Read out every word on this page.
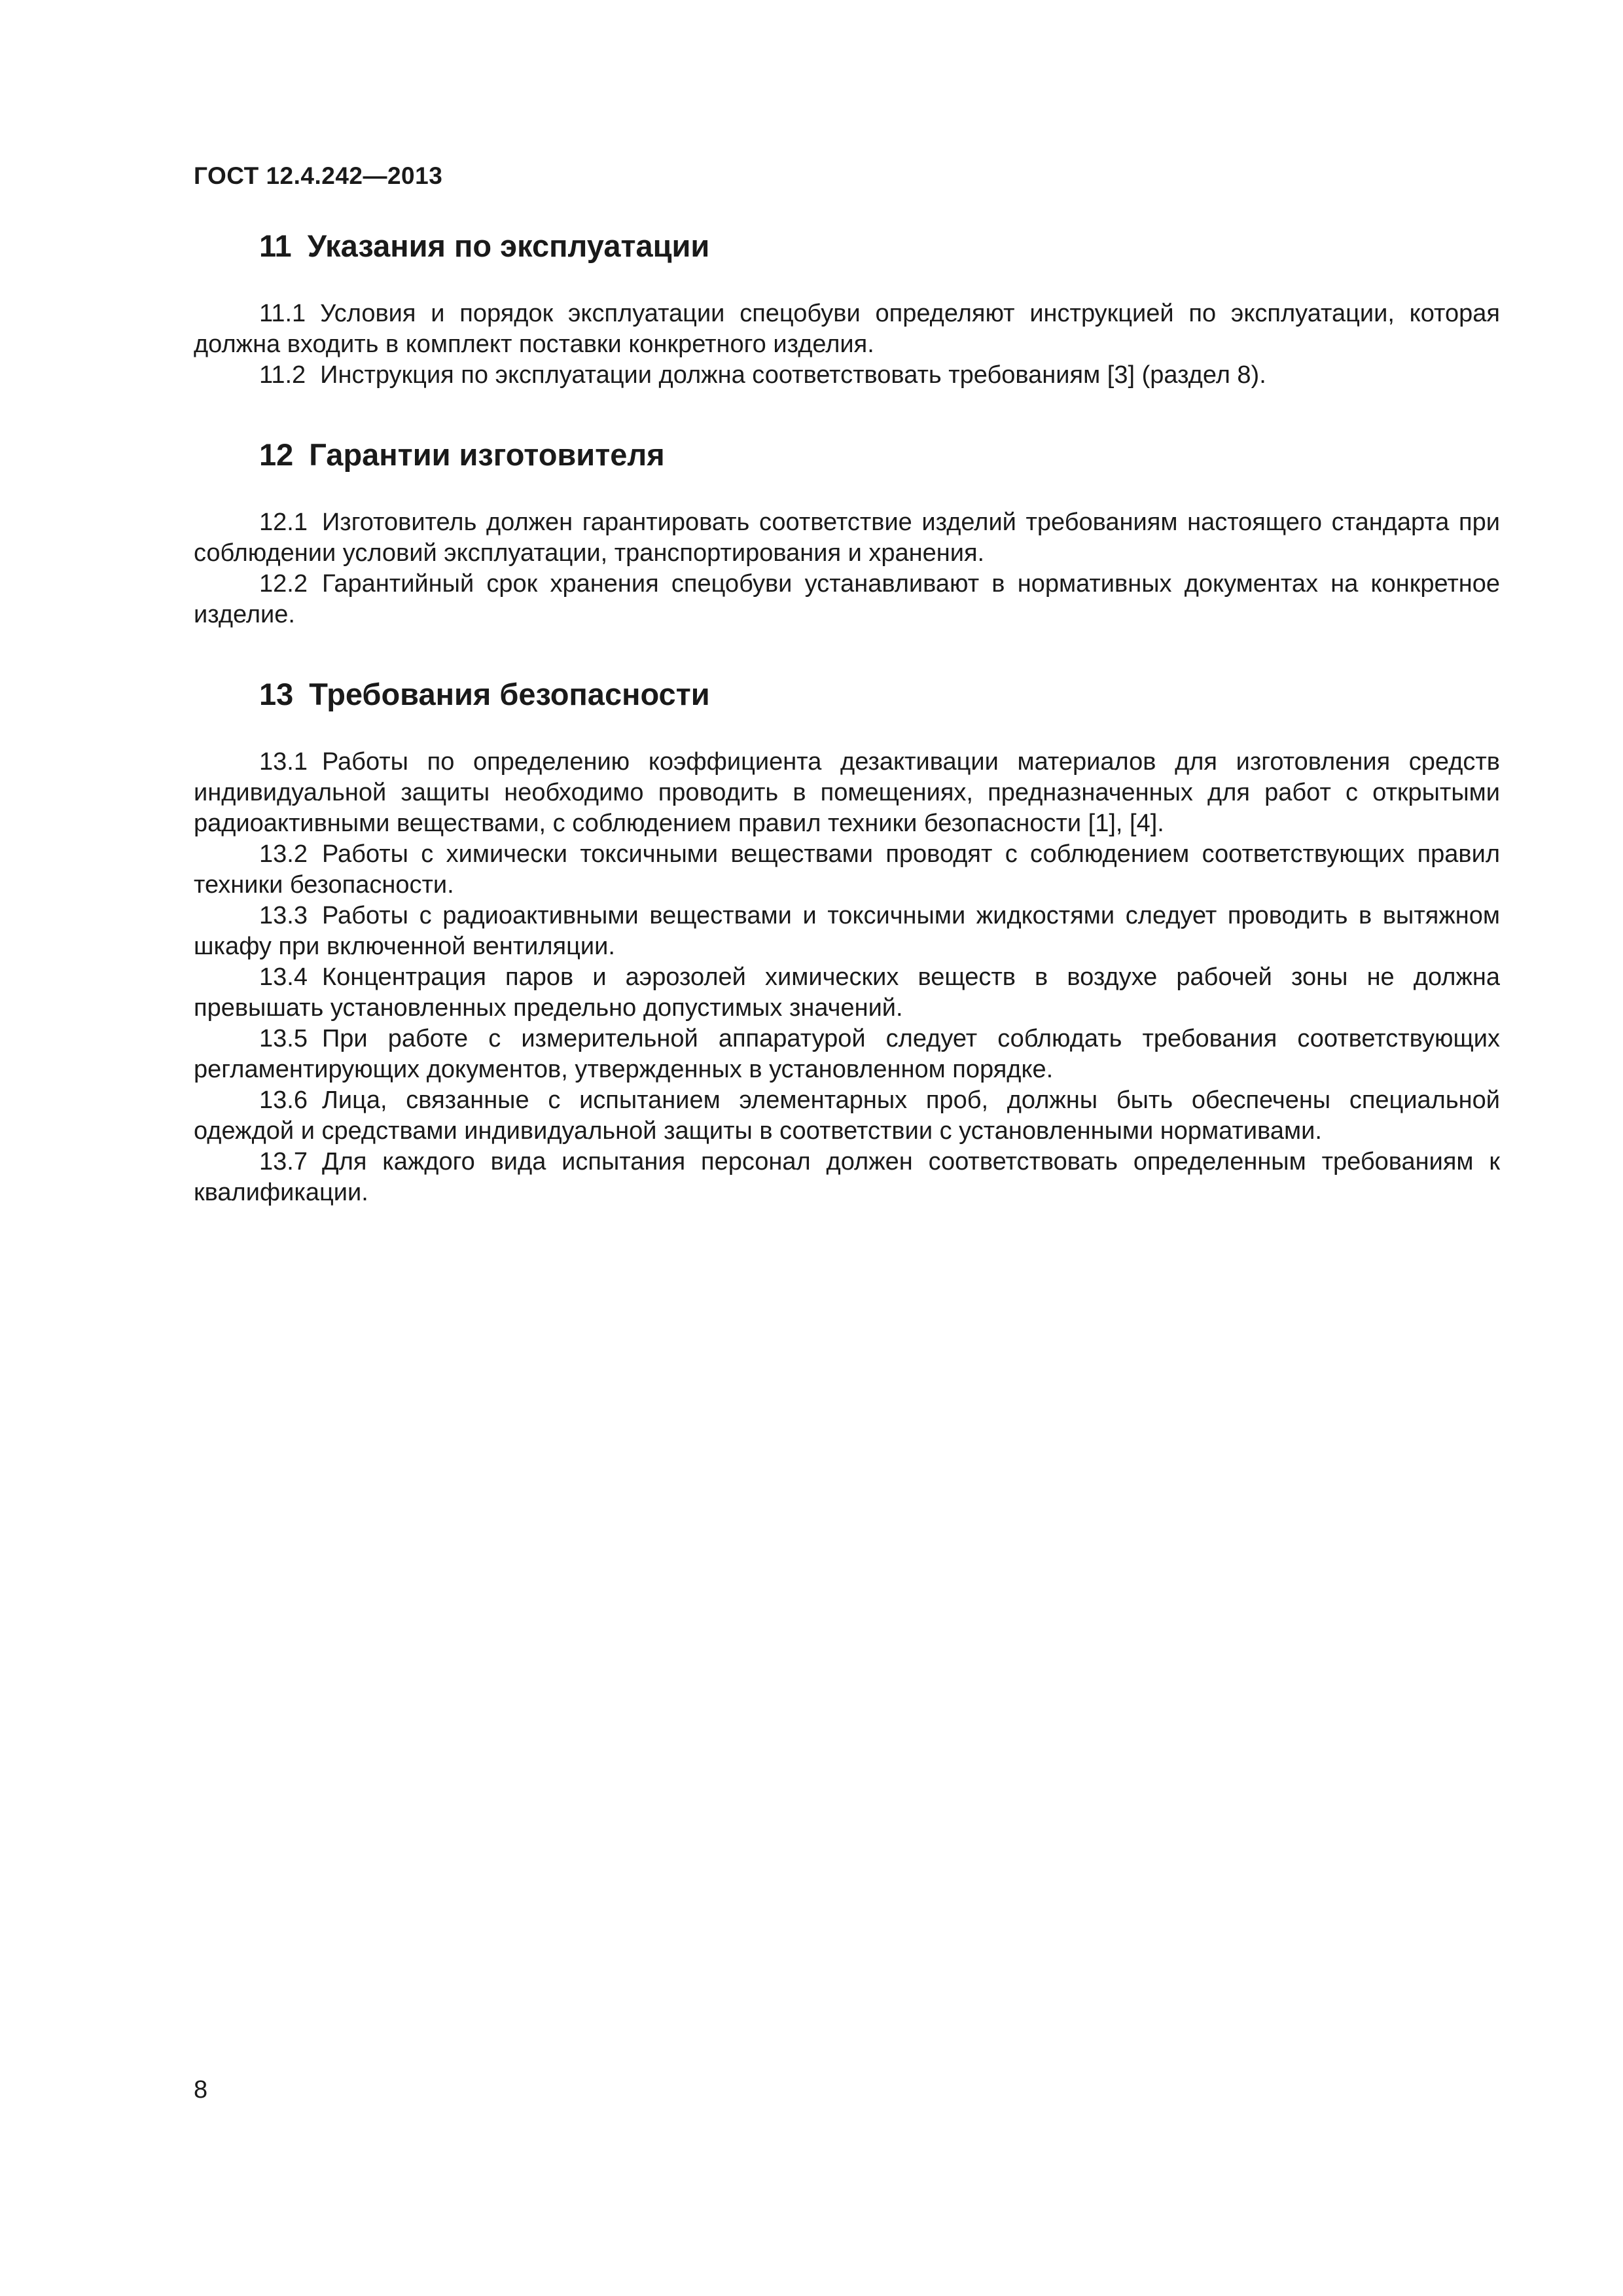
ГОСТ 12.4.242—2013
11 Указания по эксплуатации

11.1 Условия и порядок эксплуатации спецобуви определяют инструкцией по эксплуатации, которая должна входить в комплект поставки конкретного изделия.

11.2 Инструкция по эксплуатации должна соответствовать требованиям [3] (раздел 8).

12 Гарантии изготовителя

12.1 Изготовитель должен гарантировать соответствие изделий требованиям настоящего стандарта при соблюдении условий эксплуатации, транспортирования и хранения.

12.2 Гарантийный срок хранения спецобуви устанавливают в нормативных документах на конкретное изделие.

13 Требования безопасности

13.1 Работы по определению коэффициента дезактивации материалов для изготовления средств индивидуальной защиты необходимо проводить в помещениях, предназначенных для работ с открытыми радиоактивными веществами, с соблюдением правил техники безопасности [1], [4].

13.2 Работы с химически токсичными веществами проводят с соблюдением соответствующих правил техники безопасности.

13.3 Работы с радиоактивными веществами и токсичными жидкостями следует проводить в вытяжном шкафу при включенной вентиляции.

13.4 Концентрация паров и аэрозолей химических веществ в воздухе рабочей зоны не должна превышать установленных предельно допустимых значений.

13.5 При работе с измерительной аппаратурой следует соблюдать требования соответствующих регламентирующих документов, утвержденных в установленном порядке.

13.6 Лица, связанные с испытанием элементарных проб, должны быть обеспечены специальной одеждой и средствами индивидуальной защиты в соответствии с установленными нормативами.

13.7 Для каждого вида испытания персонал должен соответствовать определенным требованиям к квалификации.

8
